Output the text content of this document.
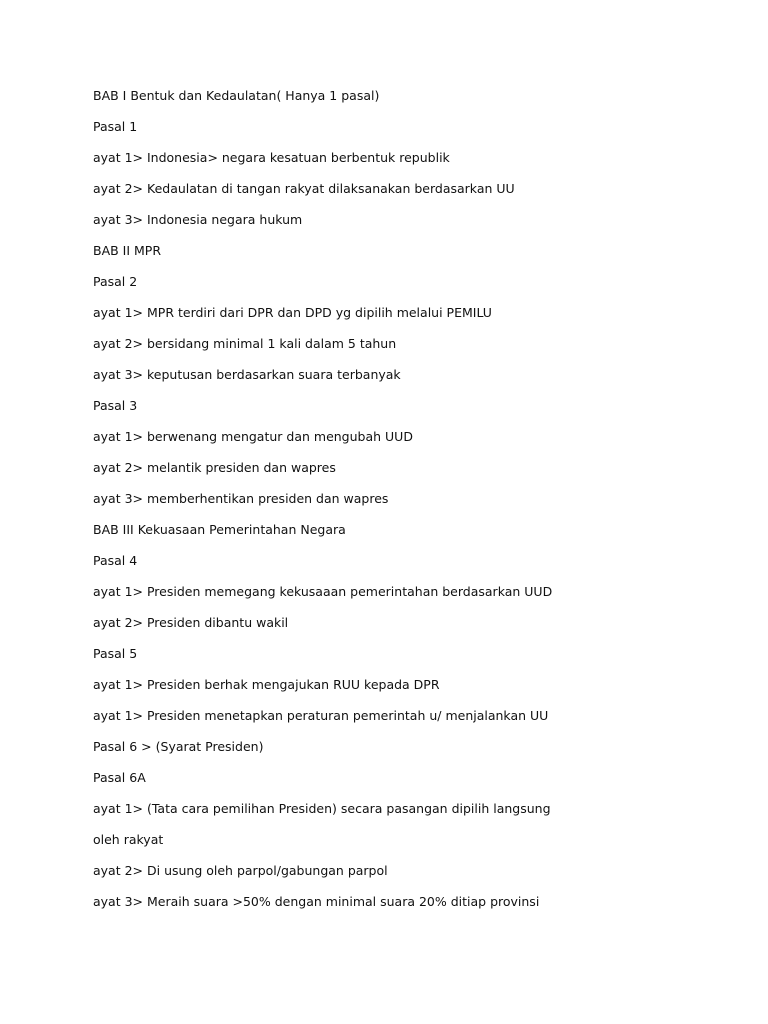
BAB I Bentuk dan Kedaulatan( Hanya 1 pasal)
Pasal 1
ayat 1> Indonesia> negara kesatuan berbentuk republik
ayat 2> Kedaulatan di tangan rakyat dilaksanakan berdasarkan UU
ayat 3> Indonesia negara hukum
BAB II MPR
Pasal 2
ayat 1> MPR terdiri dari DPR dan DPD yg dipilih melalui PEMILU
ayat 2> bersidang minimal 1 kali dalam 5 tahun
ayat 3> keputusan berdasarkan suara terbanyak
Pasal 3
ayat 1> berwenang mengatur dan mengubah UUD
ayat 2> melantik presiden dan wapres
ayat 3> memberhentikan presiden dan wapres
BAB III Kekuasaan Pemerintahan Negara
Pasal 4
ayat 1> Presiden memegang kekusaaan pemerintahan berdasarkan UUD
ayat 2> Presiden dibantu wakil
Pasal 5
ayat 1> Presiden berhak mengajukan RUU kepada DPR
ayat 1> Presiden menetapkan peraturan pemerintah u/ menjalankan UU
Pasal 6 > (Syarat Presiden)
Pasal 6A
ayat 1> (Tata cara pemilihan Presiden) secara pasangan dipilih langsung
oleh rakyat
ayat 2> Di usung oleh parpol/gabungan parpol
ayat 3> Meraih suara >50% dengan minimal suara 20% ditiap provinsi
